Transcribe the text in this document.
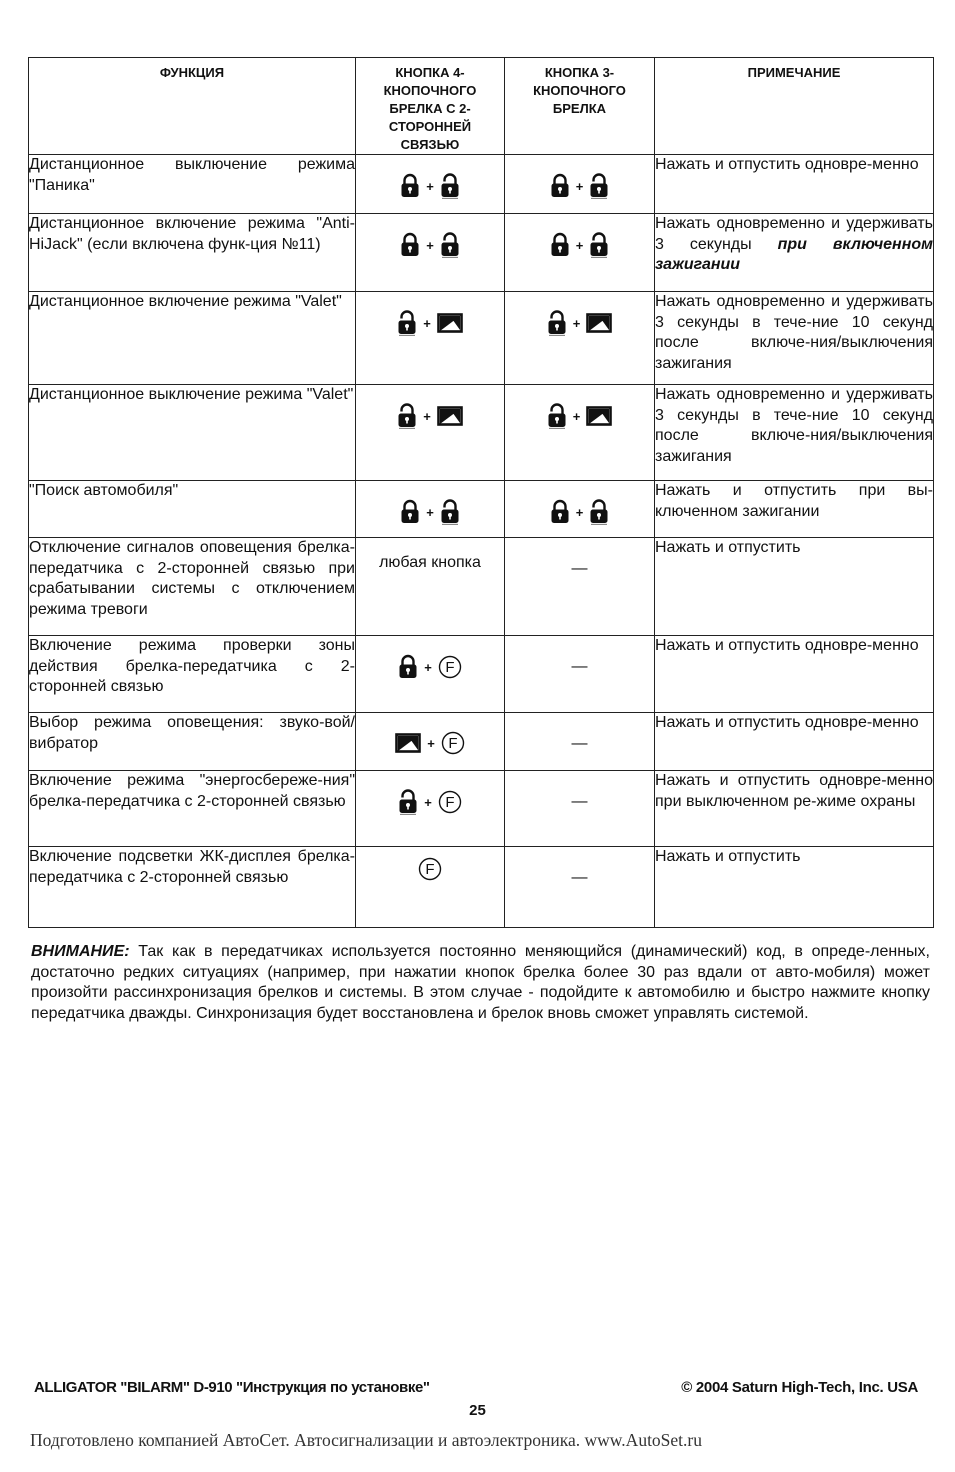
ФУНКЦИЯ	КНОПКА 4-КНОПОЧНОГО БРЕЛКА С 2-СТОРОННЕЙ СВЯЗЬЮ	КНОПКА 3-КНОПОЧНОГО БРЕЛКА	ПРИМЕЧАНИЕ
Дистанционное выключение режима "Паника"	+	+	Нажать и отпустить одновре-менно
Дистанционное включение режима "Anti-HiJack" (если включена функ-ция №11)	+	+	Нажать одновременно и удерживать 3 секунды при включенном зажигании
Дистанционное включение режима "Valet"	+	+	Нажать одновременно и удерживать 3 секунды в тече-ние 10 секунд после включе-ния/выключения зажигания
Дистанционное выключение режима "Valet"	+	+	Нажать одновременно и удерживать 3 секунды в тече-ние 10 секунд после включе-ния/выключения зажигания
"Поиск автомобиля"	+	+	Нажать и отпустить при вы-ключенном зажигании
Отключение сигналов оповещения брелка-передатчика с 2-сторонней связью при срабатывании системы с отключением режима тревоги	любая кнопка	—	Нажать и отпустить
Включение режима проверки зоны действия брелка-передатчика с 2-сторонней связью	+ F	—	Нажать и отпустить одновре-менно
Выбор режима оповещения: звуко-вой/вибратор	+ F	—	Нажать и отпустить одновре-менно
Включение режима "энергосбереже-ния" брелка-передатчика с 2-сторонней связью	+ F	—	Нажать и отпустить одновре-менно при выключенном ре-жиме охраны
Включение подсветки ЖК-дисплея брелка-передатчика с 2-сторонней связью	F	—	Нажать и отпустить
ВНИМАНИЕ: Так как в передатчиках используется постоянно меняющийся (динамический) код, в опреде-ленных, достаточно редких ситуациях (например, при нажатии кнопок брелка более 30 раз вдали от авто-мобиля) может произойти рассинхронизация брелков и системы. В этом случае - подойдите к автомобилю и быстро нажмите кнопку передатчика дважды. Синхронизация будет восстановлена и брелок вновь сможет управлять системой.
ALLIGATOR "BILARM" D-910 "Инструкция по установке"	© 2004 Saturn High-Tech, Inc. USA
25
Подготовлено компанией АвтоСет. Автосигнализации и автоэлектроника. www.AutoSet.ru
